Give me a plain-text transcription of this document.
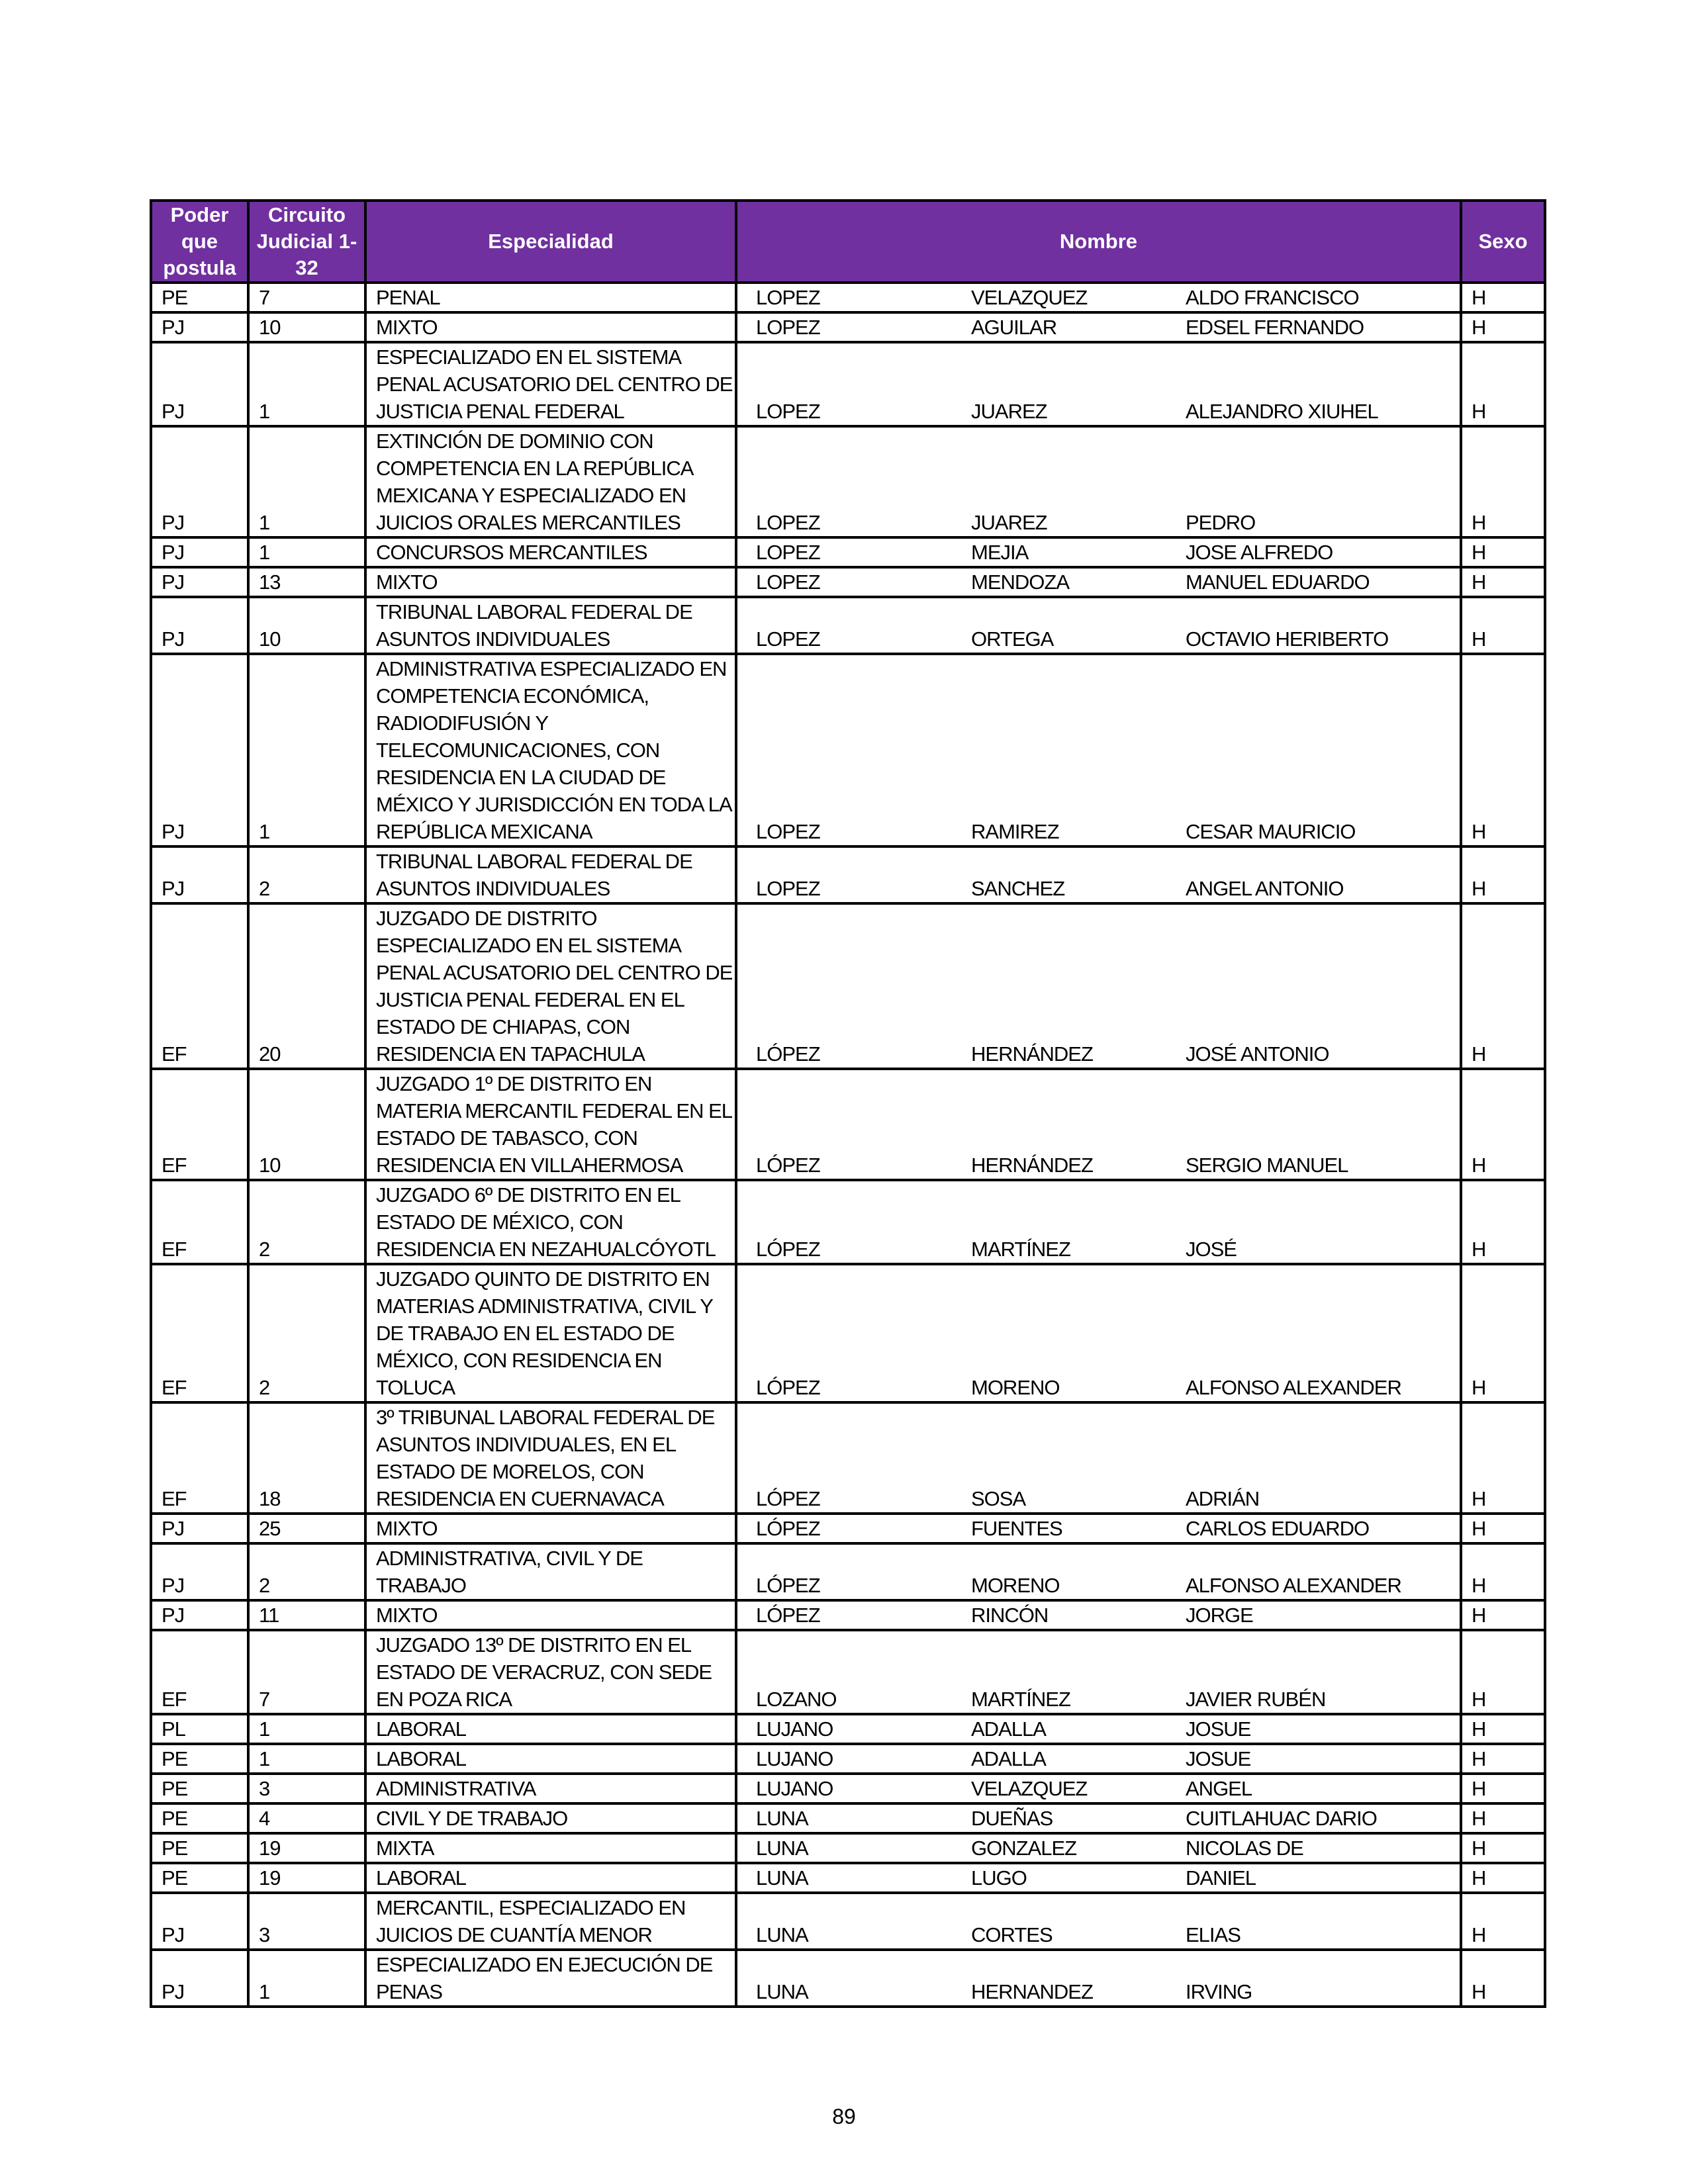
Poder que postula	Circuito Judicial 1-32	Especialidad	Nombre	Sexo
PE	7	PENAL	LOPEZ VELAZQUEZ ALDO FRANCISCO	H
PJ	10	MIXTO	LOPEZ AGUILAR EDSEL FERNANDO	H
PJ	1	ESPECIALIZADO EN EL SISTEMA PENAL ACUSATORIO DEL CENTRO DE JUSTICIA PENAL FEDERAL	LOPEZ JUAREZ ALEJANDRO XIUHEL	H
PJ	1	EXTINCIÓN DE DOMINIO CON COMPETENCIA EN LA REPÚBLICA MEXICANA Y ESPECIALIZADO EN JUICIOS ORALES MERCANTILES	LOPEZ JUAREZ PEDRO	H
PJ	1	CONCURSOS MERCANTILES	LOPEZ MEJIA JOSE ALFREDO	H
PJ	13	MIXTO	LOPEZ MENDOZA MANUEL EDUARDO	H
PJ	10	TRIBUNAL LABORAL FEDERAL DE ASUNTOS INDIVIDUALES	LOPEZ ORTEGA OCTAVIO HERIBERTO	H
PJ	1	ADMINISTRATIVA ESPECIALIZADO EN COMPETENCIA ECONÓMICA, RADIODIFUSIÓN Y TELECOMUNICACIONES, CON RESIDENCIA EN LA CIUDAD DE MÉXICO Y JURISDICCIÓN EN TODA LA REPÚBLICA MEXICANA	LOPEZ RAMIREZ CESAR MAURICIO	H
PJ	2	TRIBUNAL LABORAL FEDERAL DE ASUNTOS INDIVIDUALES	LOPEZ SANCHEZ ANGEL ANTONIO	H
EF	20	JUZGADO DE DISTRITO ESPECIALIZADO EN EL SISTEMA PENAL ACUSATORIO DEL CENTRO DE JUSTICIA PENAL FEDERAL EN EL ESTADO DE CHIAPAS, CON RESIDENCIA EN TAPACHULA	LÓPEZ HERNÁNDEZ JOSÉ ANTONIO	H
EF	10	JUZGADO 1º DE DISTRITO EN MATERIA MERCANTIL FEDERAL EN EL ESTADO DE TABASCO, CON RESIDENCIA EN VILLAHERMOSA	LÓPEZ HERNÁNDEZ SERGIO MANUEL	H
EF	2	JUZGADO 6º DE DISTRITO EN EL ESTADO DE MÉXICO, CON RESIDENCIA EN NEZAHUALCÓYOTL	LÓPEZ MARTÍNEZ JOSÉ	H
EF	2	JUZGADO QUINTO DE DISTRITO EN MATERIAS ADMINISTRATIVA, CIVIL Y DE TRABAJO EN EL ESTADO DE MÉXICO, CON RESIDENCIA EN TOLUCA	LÓPEZ MORENO ALFONSO ALEXANDER	H
EF	18	3º TRIBUNAL LABORAL FEDERAL DE ASUNTOS INDIVIDUALES, EN EL ESTADO DE MORELOS, CON RESIDENCIA EN CUERNAVACA	LÓPEZ SOSA ADRIÁN	H
PJ	25	MIXTO	LÓPEZ FUENTES CARLOS EDUARDO	H
PJ	2	ADMINISTRATIVA, CIVIL Y DE TRABAJO	LÓPEZ MORENO ALFONSO ALEXANDER	H
PJ	11	MIXTO	LÓPEZ RINCÓN JORGE	H
EF	7	JUZGADO 13º DE DISTRITO EN EL ESTADO DE VERACRUZ, CON SEDE EN POZA RICA	LOZANO MARTÍNEZ JAVIER RUBÉN	H
PL	1	LABORAL	LUJANO ADALLA JOSUE	H
PE	1	LABORAL	LUJANO ADALLA JOSUE	H
PE	3	ADMINISTRATIVA	LUJANO VELAZQUEZ ANGEL	H
PE	4	CIVIL Y DE TRABAJO	LUNA DUEÑAS CUITLAHUAC DARIO	H
PE	19	MIXTA	LUNA GONZALEZ NICOLAS DE	H
PE	19	LABORAL	LUNA LUGO DANIEL	H
PJ	3	MERCANTIL, ESPECIALIZADO EN JUICIOS DE CUANTÍA MENOR	LUNA CORTES ELIAS	H
PJ	1	ESPECIALIZADO EN EJECUCIÓN DE PENAS	LUNA HERNANDEZ IRVING	H
89
